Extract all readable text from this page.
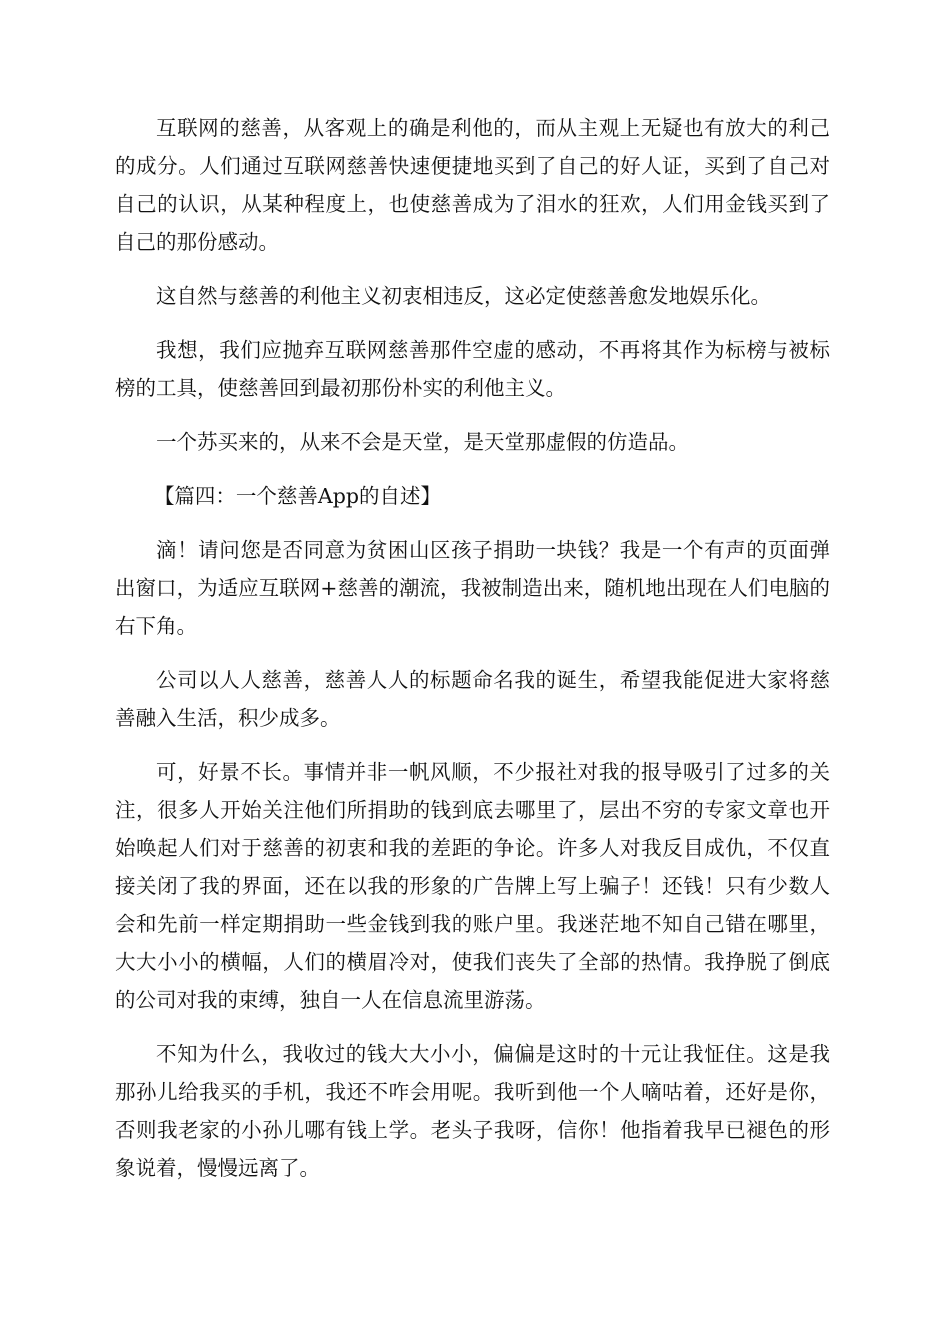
互联网的慈善，从客观上的确是利他的，而从主观上无疑也有放大的利己的成分。人们通过互联网慈善快速便捷地买到了自己的好人证，买到了自己对自己的认识，从某种程度上，也使慈善成为了泪水的狂欢，人们用金钱买到了自己的那份感动。

这自然与慈善的利他主义初衷相违反，这必定使慈善愈发地娱乐化。

我想，我们应抛弃互联网慈善那件空虚的感动，不再将其作为标榜与被标榜的工具，使慈善回到最初那份朴实的利他主义。

一个苏买来的，从来不会是天堂，是天堂那虚假的仿造品。

【篇四：一个慈善App的自述】

滴！请问您是否同意为贫困山区孩子捐助一块钱？我是一个有声的页面弹出窗口，为适应互联网+慈善的潮流，我被制造出来，随机地出现在人们电脑的右下角。

公司以人人慈善，慈善人人的标题命名我的诞生，希望我能促进大家将慈善融入生活，积少成多。

可，好景不长。事情并非一帆风顺，不少报社对我的报导吸引了过多的关注，很多人开始关注他们所捐助的钱到底去哪里了，层出不穷的专家文章也开始唤起人们对于慈善的初衷和我的差距的争论。许多人对我反目成仇，不仅直接关闭了我的界面，还在以我的形象的广告牌上写上骗子！还钱！只有少数人会和先前一样定期捐助一些金钱到我的账户里。我迷茫地不知自己错在哪里，大大小小的横幅，人们的横眉冷对，使我们丧失了全部的热情。我挣脱了倒底的公司对我的束缚，独自一人在信息流里游荡。

不知为什么，我收过的钱大大小小，偏偏是这时的十元让我怔住。这是我那孙儿给我买的手机，我还不咋会用呢。我听到他一个人嘀咕着，还好是你，否则我老家的小孙儿哪有钱上学。老头子我呀，信你！他指着我早已褪色的形象说着，慢慢远离了。
